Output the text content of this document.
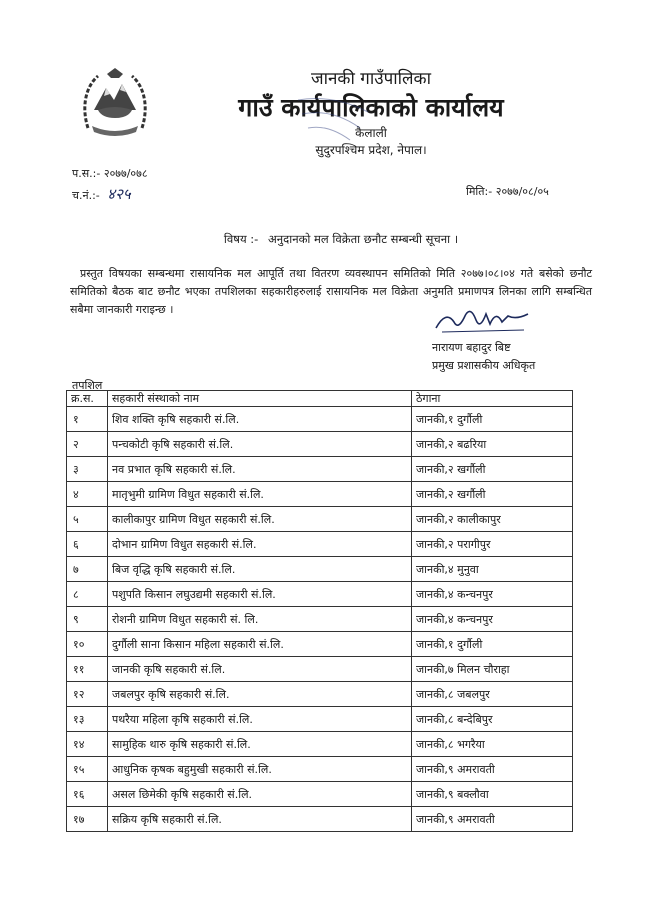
जानकी गाउँपालिका
गाउँ कार्यपालिकाको कार्यालय
कैलाली
सुदुरपश्चिम प्रदेश, नेपाल।
प.स.:- २०७७/०७८
च.नं.:- ४२५	मिति:- २०७७/०८/०५
विषय :- अनुदानको मल विक्रेता छनौट सम्बन्धी सूचना ।
प्रस्तुत विषयका सम्बन्धमा रासायनिक मल आपूर्ति तथा वितरण व्यवस्थापन समितिको मिति २०७७।०८।०४ गते बसेको छनौट समितिको बैठक बाट छनौट भएका तपशिलका सहकारीहरुलाई रासायनिक मल विक्रेता अनुमति प्रमाणपत्र लिनका लागि सम्बन्धित सबैमा जानकारी गराइन्छ ।
नारायण बहादुर बिष्ट
प्रमुख प्रशासकीय अधिकृत
तपशिल
क्र.स.	सहकारी संस्थाको नाम	ठेगाना
१	शिव शक्ति कृषि सहकारी सं.लि.	जानकी,१ दुर्गौली
२	पन्चकोटी कृषि सहकारी सं.लि.	जानकी,२ बढरिया
३	नव प्रभात कृषि सहकारी सं.लि.	जानकी,२ खर्गौली
४	मातृभुमी ग्रामिण विधुत सहकारी सं.लि.	जानकी,२ खर्गौली
५	कालीकापुर ग्रामिण विधुत सहकारी सं.लि.	जानकी,२ कालीकापुर
६	दोभान ग्रामिण विधुत सहकारी सं.लि.	जानकी,२ परागीपुर
७	बिज वृद्धि कृषि सहकारी सं.लि.	जानकी,४ मुनुवा
८	पशुपति किसान लघुउद्यमी सहकारी सं.लि.	जानकी,४ कन्चनपुर
९	रोशनी ग्रामिण विधुत सहकारी सं. लि.	जानकी,४ कन्चनपुर
१०	दुर्गौली साना किसान महिला सहकारी सं.लि.	जानकी,१ दुर्गौली
११	जानकी कृषि सहकारी सं.लि.	जानकी,७ मिलन चौराहा
१२	जबलपुर कृषि सहकारी सं.लि.	जानकी,८ जबलपुर
१३	पथरैया महिला कृषि सहकारी सं.लि.	जानकी,८ बन्देबिपुर
१४	सामुहिक थारु कृषि सहकारी सं.लि.	जानकी,८ भगरैया
१५	आधुनिक कृषक बहुमुखी सहकारी सं.लि.	जानकी,९ अमरावती
१६	असल छिमेकी कृषि सहकारी सं.लि.	जानकी,९ बक्लौवा
१७	सक्रिय कृषि सहकारी सं.लि.	जानकी,९ अमरावती
